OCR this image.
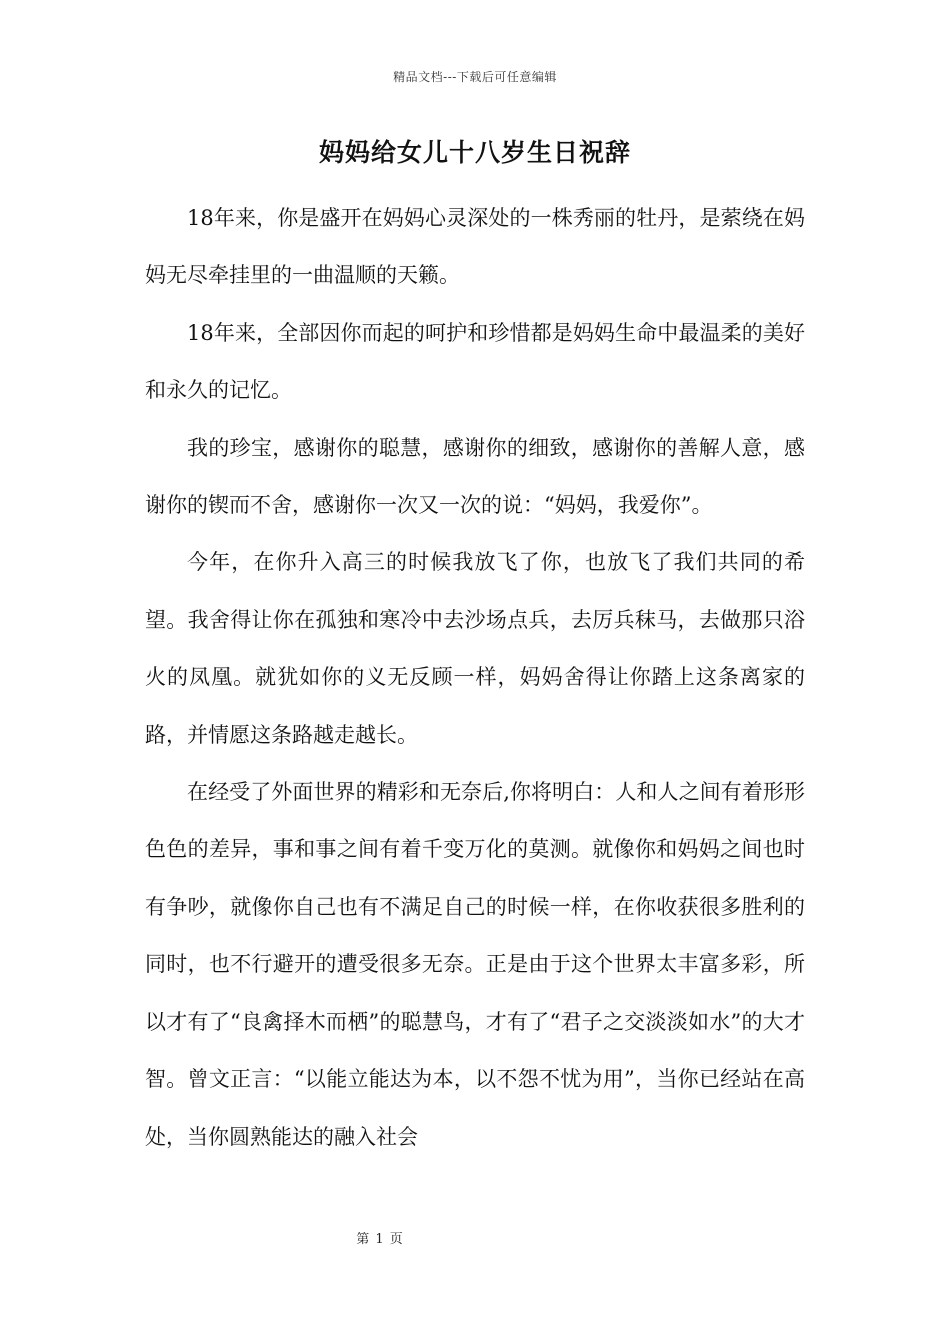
精品文档---下载后可任意编辑
妈妈给女儿十八岁生日祝辞

18年来，你是盛开在妈妈心灵深处的一株秀丽的牡丹，是萦绕在妈妈无尽牵挂里的一曲温顺的天籁。

18年来，全部因你而起的呵护和珍惜都是妈妈生命中最温柔的美好和永久的记忆。

我的珍宝，感谢你的聪慧，感谢你的细致，感谢你的善解人意，感谢你的锲而不舍，感谢你一次又一次的说：“妈妈，我爱你”。

今年，在你升入高三的时候我放飞了你，也放飞了我们共同的希望。我舍得让你在孤独和寒冷中去沙场点兵，去厉兵秣马，去做那只浴火的凤凰。就犹如你的义无反顾一样，妈妈舍得让你踏上这条离家的路，并情愿这条路越走越长。

在经受了外面世界的精彩和无奈后,你将明白：人和人之间有着形形色色的差异，事和事之间有着千变万化的莫测。就像你和妈妈之间也时有争吵，就像你自己也有不满足自己的时候一样，在你收获很多胜利的同时，也不行避开的遭受很多无奈。正是由于这个世界太丰富多彩，所以才有了“良禽择木而栖”的聪慧鸟，才有了“君子之交淡淡如水”的大才智。曾文正言：“以能立能达为本，以不怨不忧为用”，当你已经站在高处，当你圆熟能达的融入社会

第 1 页
